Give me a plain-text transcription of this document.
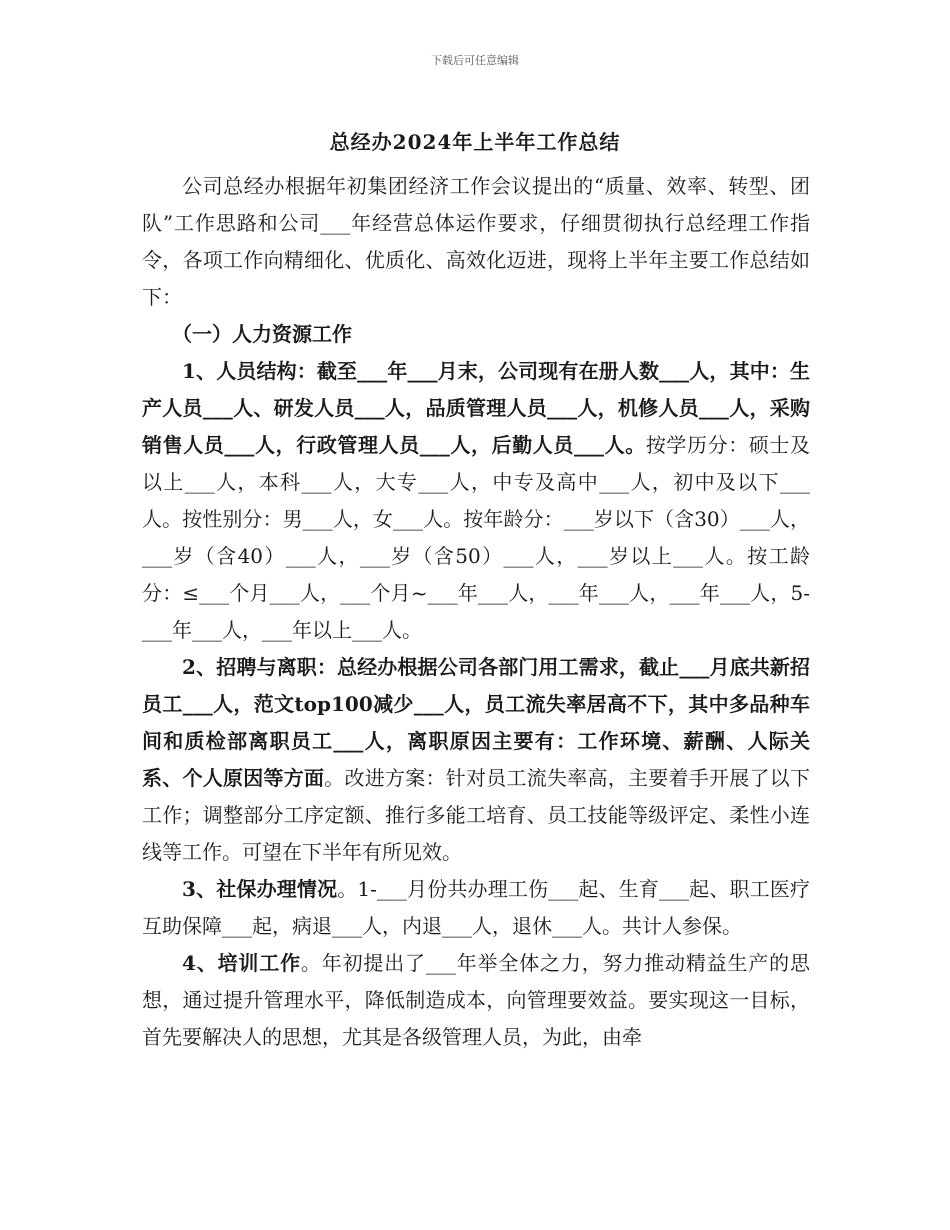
下载后可任意编辑
总经办2024年上半年工作总结

公司总经办根据年初集团经济工作会议提出的“质量、效率、转型、团队”工作思路和公司___年经营总体运作要求，仔细贯彻执行总经理工作指令，各项工作向精细化、优质化、高效化迈进，现将上半年主要工作总结如下：

（一）人力资源工作

1、人员结构：截至___年___月末，公司现有在册人数___人，其中：生产人员___人、研发人员___人，品质管理人员___人，机修人员___人，采购销售人员___人，行政管理人员___人，后勤人员___人。按学历分：硕士及以上___人，本科___人，大专___人，中专及高中___人，初中及以下___人。按性别分：男___人，女___人。按年龄分：___岁以下（含30）___人，___岁（含40）___人，___岁（含50）___人，___岁以上___人。按工龄分：≤___个月___人，___个月~___年___人，___年___人，___年___人，5-___年___人，___年以上___人。

2、招聘与离职：总经办根据公司各部门用工需求，截止___月底共新招员工___人，范文top100减少___人，员工流失率居高不下，其中多品种车间和质检部离职员工___人，离职原因主要有：工作环境、薪酬、人际关系、个人原因等方面。改进方案：针对员工流失率高，主要着手开展了以下工作；调整部分工序定额、推行多能工培育、员工技能等级评定、柔性小连线等工作。可望在下半年有所见效。

3、社保办理情况。1-___月份共办理工伤___起、生育___起、职工医疗互助保障___起，病退___人，内退___人，退休___人。共计人参保。

4、培训工作。年初提出了___年举全体之力，努力推动精益生产的思想，通过提升管理水平，降低制造成本，向管理要效益。要实现这一目标，首先要解决人的思想，尤其是各级管理人员，为此，由牵
